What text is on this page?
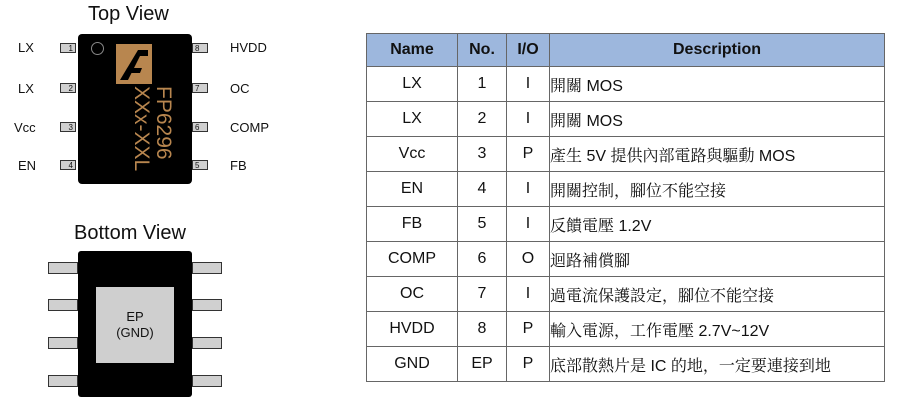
Top View
LX
LX
Vcc
EN
1
2
3
4
FP6296
XXx-XXL
8
7
6
5
HVDD
OC
COMP
FB
Bottom View
EP
(GND)
Name	No.	I/O	Description
LX	1	I	開關 MOS
LX	2	I	開關 MOS
Vcc	3	P	產生 5V 提供內部電路與驅動 MOS
EN	4	I	開關控制，腳位不能空接
FB	5	I	反饋電壓 1.2V
COMP	6	O	迴路補償腳
OC	7	I	過電流保護設定，腳位不能空接
HVDD	8	P	輸入電源，工作電壓 2.7V~12V
GND	EP	P	底部散熱片是 IC 的地，一定要連接到地
